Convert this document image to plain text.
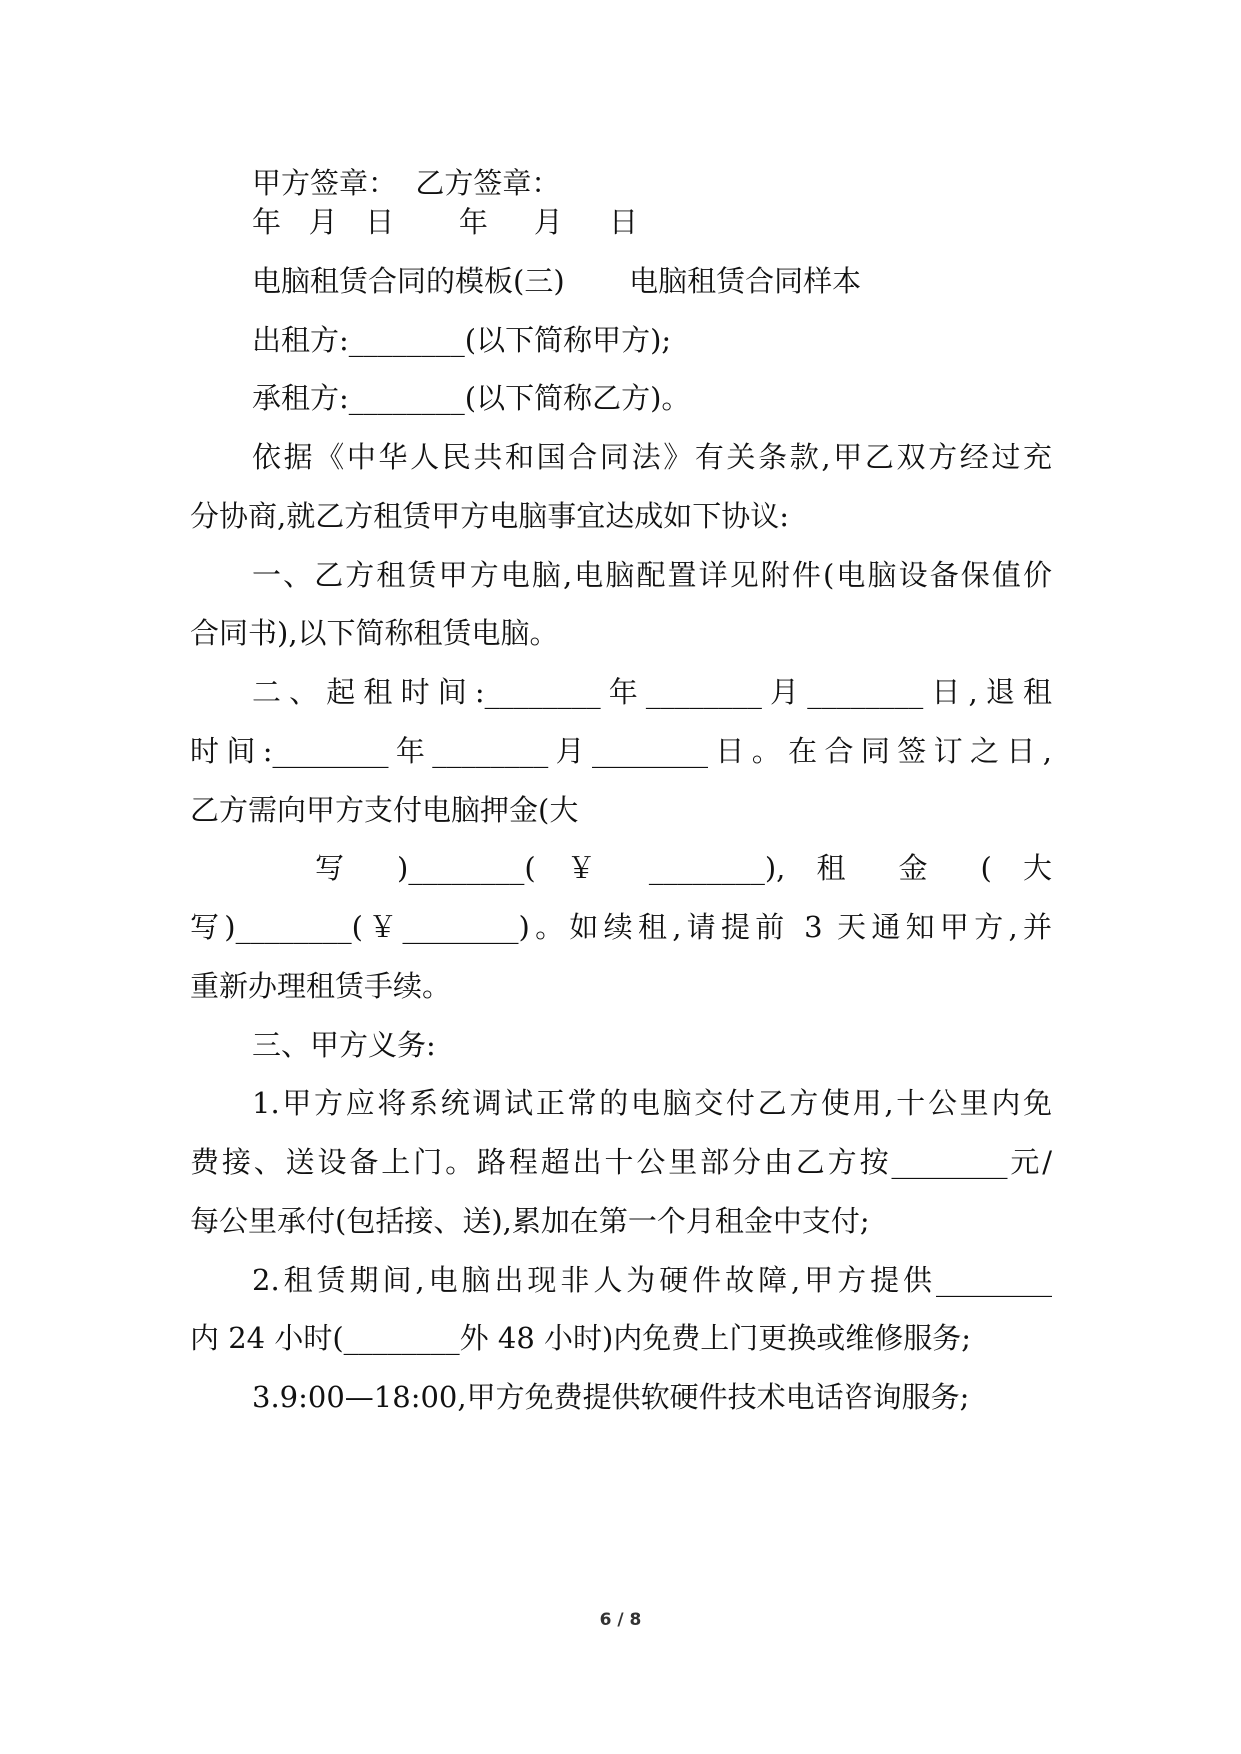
甲方签章：  乙方签章：
年   月   日       年     月     日
电脑租赁合同的模板(三)       电脑租赁合同样本
出租方:________(以下简称甲方);
承租方:________(以下简称乙方)。
依据《中华人民共和国合同法》有关条款,甲乙双方经过充
分协商,就乙方租赁甲方电脑事宜达成如下协议:
一、乙方租赁甲方电脑,电脑配置详见附件(电脑设备保值价
合同书),以下简称租赁电脑。
二、起租时间:________年________月________日,退租
时间:________年________月________日。在合同签订之日,
乙方需向甲方支付电脑押金(大
写 )________( ￥ ________), 租 金 ( 大
写)________(￥________)。如续租,请提前 3 天通知甲方,并
重新办理租赁手续。
三、甲方义务:
1.甲方应将系统调试正常的电脑交付乙方使用,十公里内免
费接、送设备上门。路程超出十公里部分由乙方按________元/
每公里承付(包括接、送),累加在第一个月租金中支付;
2.租赁期间,电脑出现非人为硬件故障,甲方提供________
内 24 小时(________外 48 小时)内免费上门更换或维修服务;
3.9:00—18:00,甲方免费提供软硬件技术电话咨询服务;
6 / 8
